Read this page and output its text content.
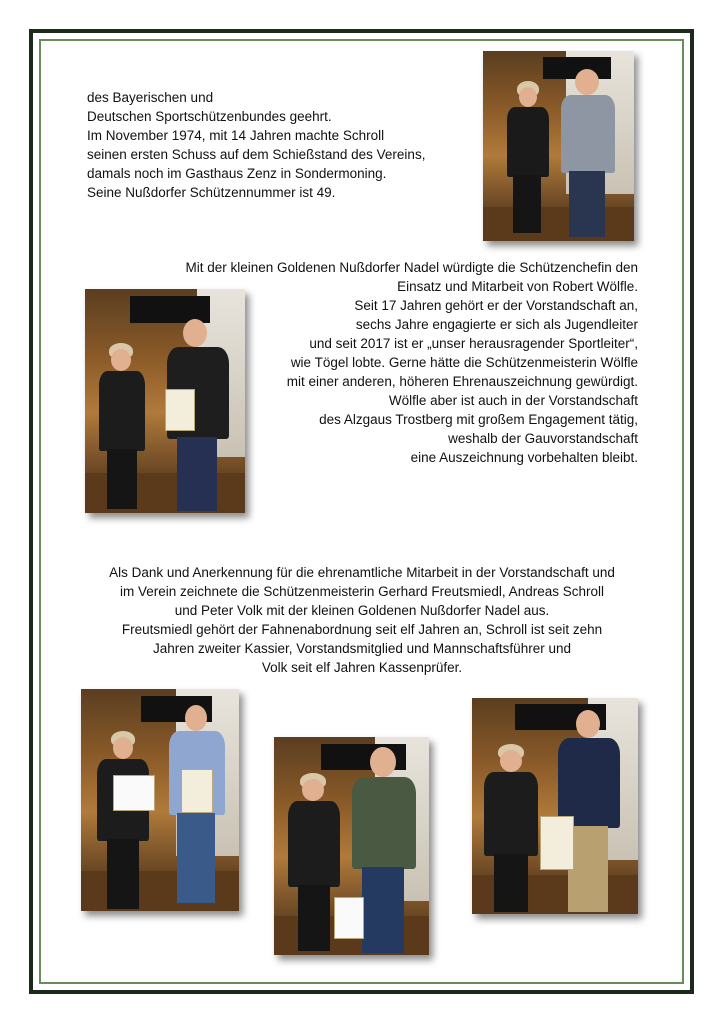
des Bayerischen und
Deutschen Sportschützenbundes geehrt.
Im November 1974, mit 14 Jahren machte Schroll
seinen ersten Schuss auf dem Schießstand des Vereins,
damals noch im Gasthaus Zenz in Sondermoning.
Seine Nußdorfer Schützennummer ist 49.
Mit der kleinen Goldenen Nußdorfer Nadel würdigte die Schützenchefin den
Einsatz und Mitarbeit von Robert Wölfle.
Seit 17 Jahren gehört er der Vorstandschaft an,
sechs Jahre engagierte er sich als Jugendleiter
und seit 2017 ist er „unser herausragender Sportleiter“,
wie Tögel lobte. Gerne hätte die Schützenmeisterin Wölfle
mit einer anderen, höheren Ehrenauszeichnung gewürdigt.
Wölfle aber ist auch in der Vorstandschaft
des Alzgaus Trostberg mit großem Engagement tätig,
weshalb der Gauvorstandschaft
eine Auszeichnung vorbehalten bleibt.
Als Dank und Anerkennung für die ehrenamtliche Mitarbeit in der Vorstandschaft und
im Verein zeichnete die Schützenmeisterin Gerhard Freutsmiedl, Andreas Schroll
und Peter Volk mit der kleinen Goldenen Nußdorfer Nadel aus.
Freutsmiedl gehört der Fahnenabordnung seit elf Jahren an, Schroll ist seit zehn
Jahren zweiter Kassier, Vorstandsmitglied und Mannschaftsführer und
Volk seit elf Jahren Kassenprüfer.
